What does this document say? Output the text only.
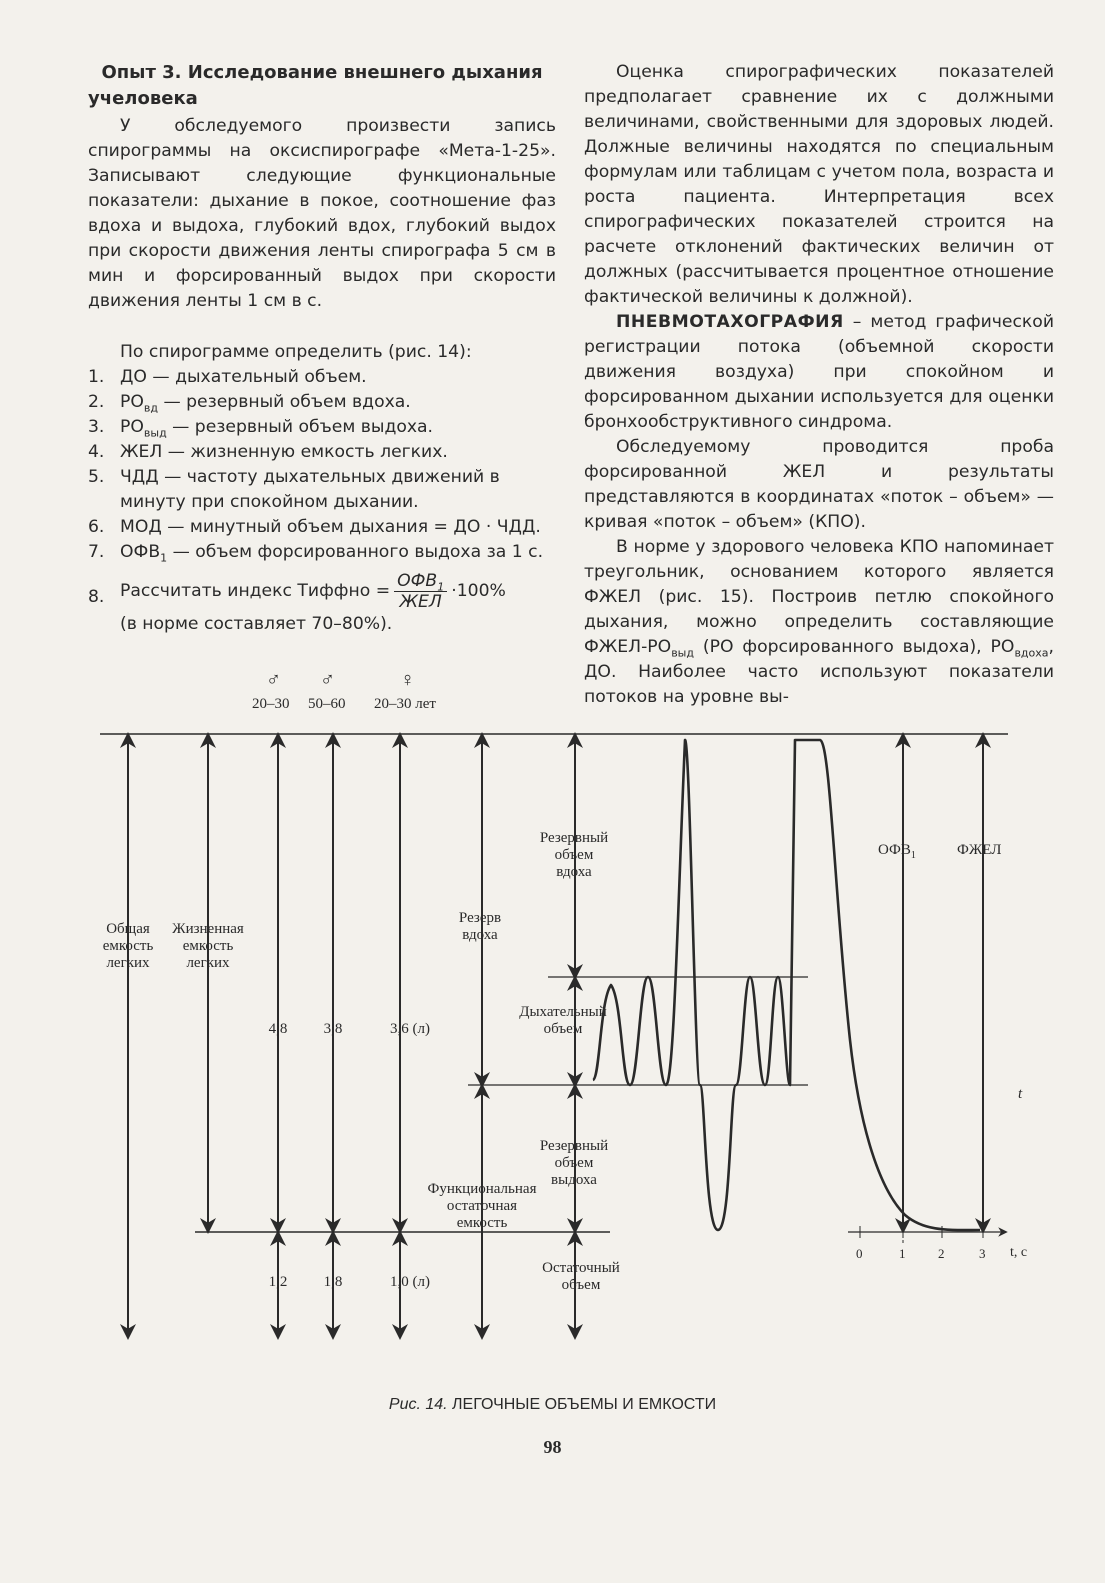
Опыт 3. Исследование внешнего дыхания
учеловека

У обследуемого произвести запись спирограммы на оксиспирографе «Мета-1-25». Записывают следующие функциональные показатели: дыхание в покое, соотношение фаз вдоха и выдоха, глубокий вдох, глубокий выдох при скорости движения ленты спирографа 5 см в мин и форсированный выдох при скорости движения ленты 1 см в с.

По спирограмме определить (рис. 14):

1. ДО — дыхательный объем.
2. $РО_{вд}$ — резервный объем вдоха.
3. $РО_{выд}$ — резервный объем выдоха.
4. ЖЕЛ — жизненную емкость легких.
5. ЧДД — частоту дыхательных движений в минуту при спокойном дыхании.
6. МОД — минутный объем дыхания = ДО · ЧДД.
7. $ОФВ_1$ — объем форсированного выдоха за 1 с.
8. Рассчитать индекс Тиффно = $\frac{ОФВ_1}{\text{ЖЕЛ}} \cdot 100\%$
(в норме составляет 70–80%).

Оценка спирографических показателей предполагает сравнение их с должными величинами, свойственными для здоровых людей. Должные величины находятся по специальным формулам или таблицам с учетом пола, возраста и роста пациента. Интерпретация всех спирографических показателей строится на расчете отклонений фактических величин от должных (рассчитывается процентное отношение фактической величины к должной).

ПНЕВМОТАХОГРАФИЯ – метод графической регистрации потока (объемной скорости движения воздуха) при спокойном и форсированном дыхании используется для оценки бронхообструктивного синдрома.

Обследуемому проводится проба форсированной ЖЕЛ и результаты представляются в координатах «поток – объем» — кривая «поток – объем» (КПО).

В норме у здорового человека КПО напоминает треугольник, основанием которого является ФЖЕЛ (рис. 15). Построив петлю спокойного дыхания, можно определить составляющие ФЖЕЛ-$РО_{выд}$ (РО форсированного выдоха), $РО_{вдоха}$, ДО. Наиболее часто используют показатели потоков на уровне вы-

♂ ♂	♀
20–30 50–60 20–30 лет
Общая
емкость
легких
Жизненная
емкость
легких
4,8 3,8	3,6 (л)
1,2 1,8	1,0 (л)
Резерв
вдоха
Резервный
объем
вдоха
Дыхательный
объем
Резервный
объем
выдоха
Функциональная
остаточная
емкость
Остаточный
объем
$ОФВ_1$	ФЖЕЛ
0	1	2	3 t, с
t
Рис. 14. ЛЕГОЧНЫЕ ОБЪЕМЫ И ЕМКОСТИ
98
